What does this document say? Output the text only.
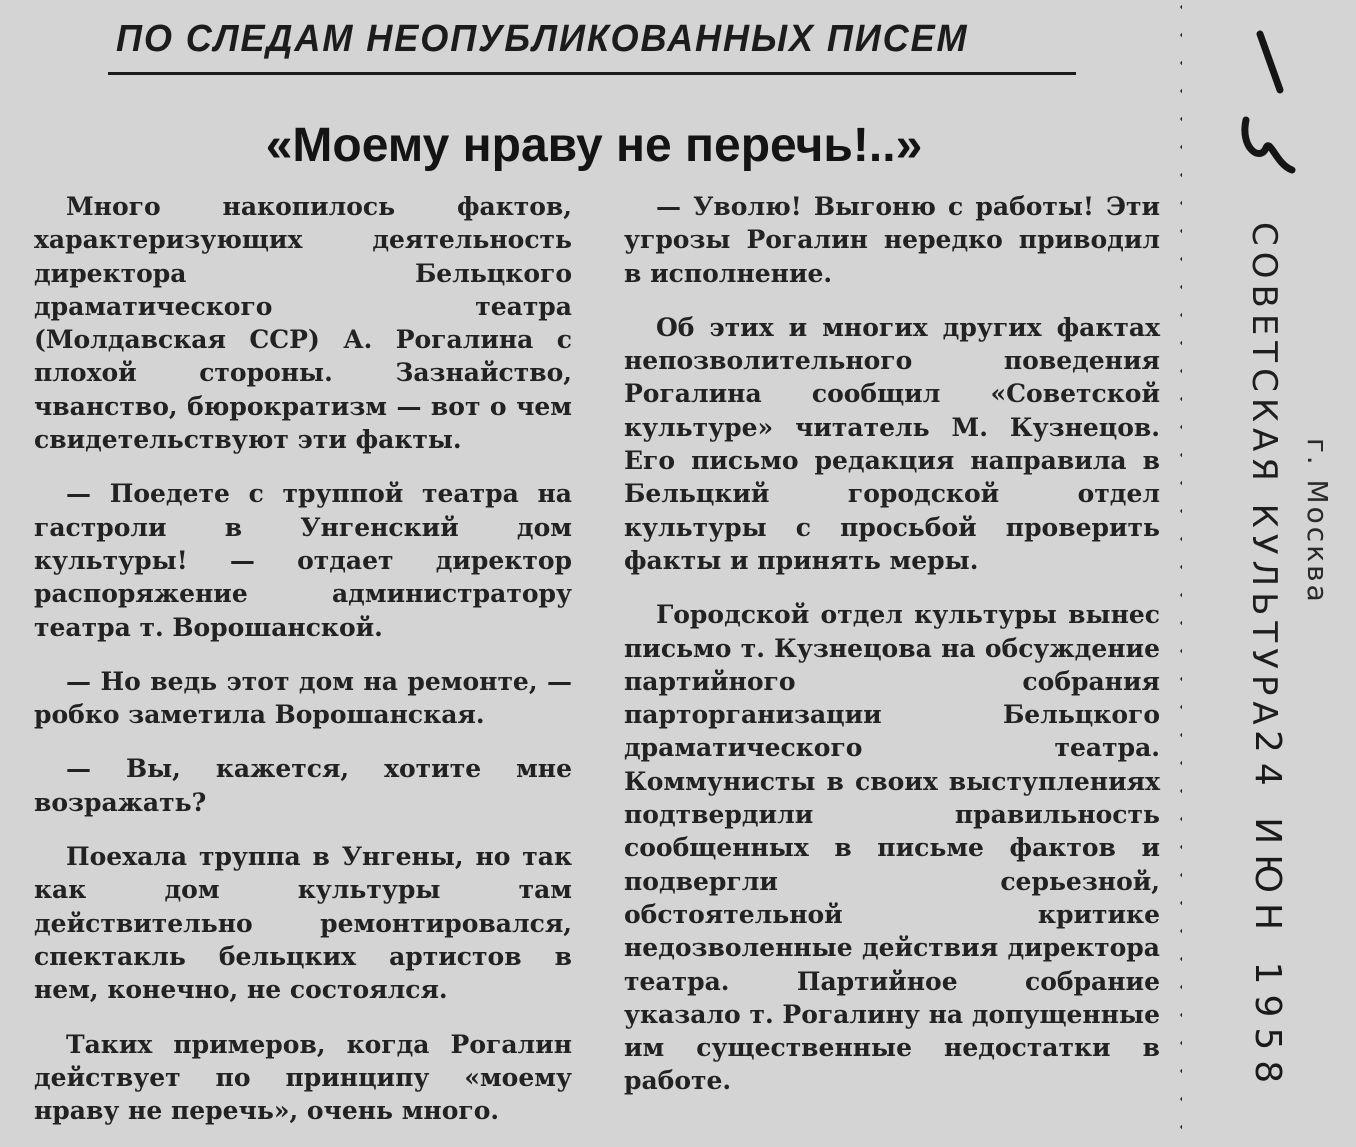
ПО СЛЕДАМ НЕОПУБЛИКОВАННЫХ ПИСЕМ
«Моему нраву не перечь!..»

Много накопилось фактов, характеризующих деятельность директора Бельцкого драматического театра (Молдавская ССР) А. Рогалина с плохой стороны. Зазнайство, чванство, бюрократизм — вот о чем свидетельствуют эти факты.

— Поедете с труппой театра на гастроли в Унгенский дом культуры! — отдает директор распоряжение администратору театра т. Ворошанской.

— Но ведь этот дом на ремонте, — робко заметила Ворошанская.

— Вы, кажется, хотите мне возражать?

Поехала труппа в Унгены, но так как дом культуры там действительно ремонтировался, спектакль бельцких артистов в нем, конечно, не состоялся.

Таких примеров, когда Рогалин действует по принципу «моему нраву не перечь», очень много.

— Уволю! Выгоню с работы! Эти угрозы Рогалин нередко приводил в исполнение.

Об этих и многих других фактах непозволительного поведения Рогалина сообщил «Советской культуре» читатель М. Кузнецов. Его письмо редакция направила в Бельцкий городской отдел культуры с просьбой проверить факты и принять меры.

Городской отдел культуры вынес письмо т. Кузнецова на обсуждение партийного собрания парторганизации Бельцкого драматического театра. Коммунисты в своих выступлениях подтвердили правильность сообщенных в письме фактов и подвергли серьезной, обстоятельной критике недозволенные действия директора театра. Партийное собрание указало т. Рогалину на допущенные им существенные недостатки в работе.

СОВЕТСКАЯ КУЛЬТУРА г. Москва
24 ИЮН 1958
